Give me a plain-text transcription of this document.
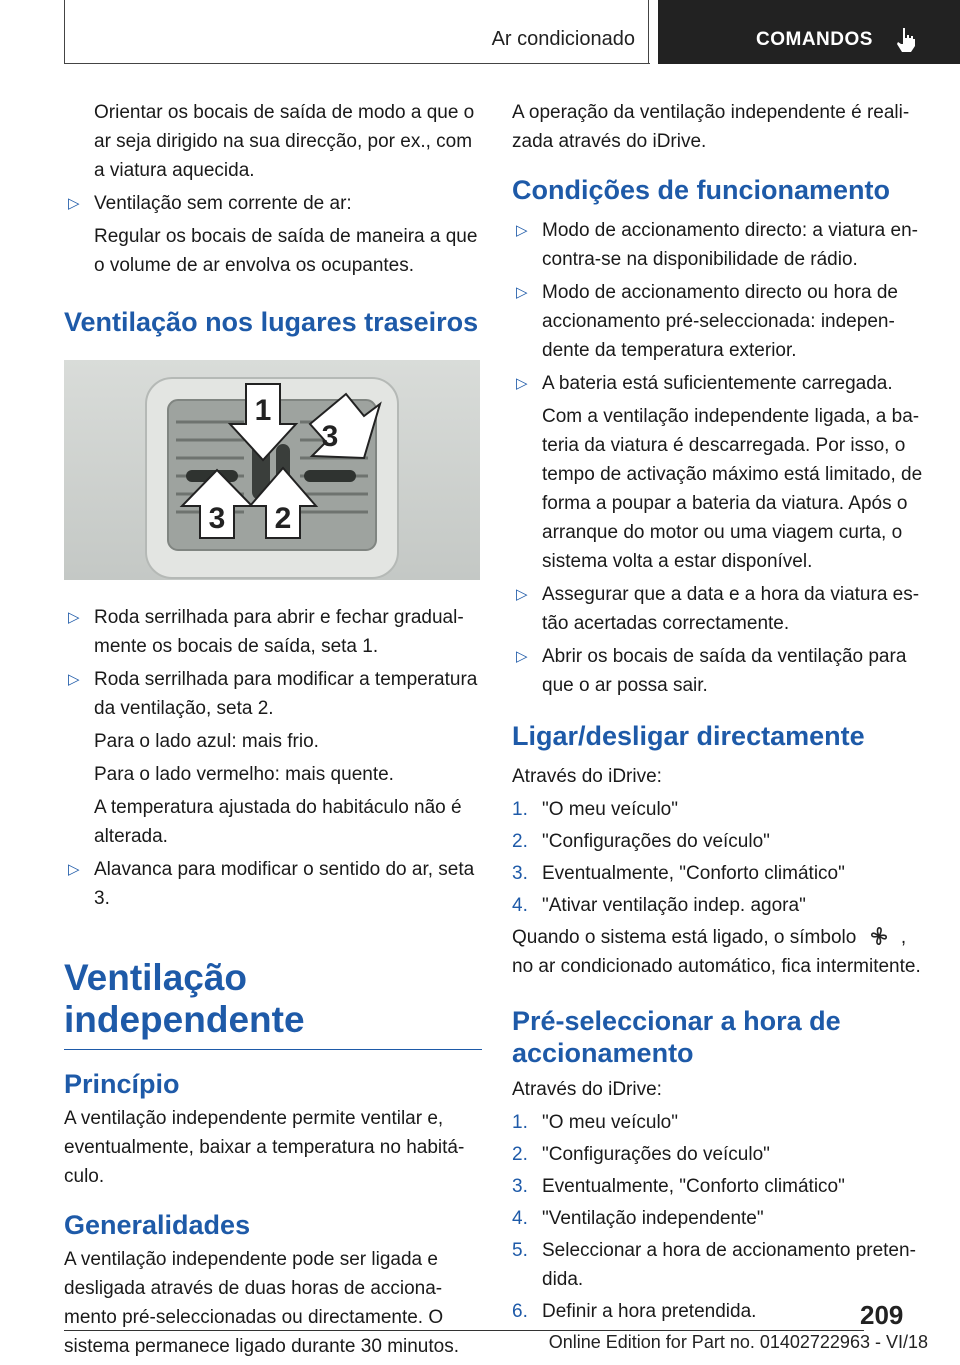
Ar condicionado	COMANDOS

Orientar os bocais de saída de modo a que o ar seja dirigido na sua direcção, por ex., com a viatura aquecida.

▷ Ventilação sem corrente de ar:

Regular os bocais de saída de maneira a que o volume de ar envolva os ocupantes.

Ventilação nos lugares traseiros
1
3
3 2
▷ Roda serrilhada para abrir e fechar gradual-mente os bocais de saída, seta 1.
▷ Roda serrilhada para modificar a temperatura da ventilação, seta 2.

Para o lado azul: mais frio.

Para o lado vermelho: mais quente.

A temperatura ajustada do habitáculo não é alterada.

▷ Alavanca para modificar o sentido do ar, seta 3.
Ventilação independente
Princípio

A ventilação independente permite ventilar e, eventualmente, baixar a temperatura no habitá-culo.

Generalidades

A ventilação independente pode ser ligada e desligada através de duas horas de acciona-mento pré-seleccionadas ou directamente. O sistema permanece ligado durante 30 minutos.

A operação da ventilação independente é reali-zada através do iDrive.

Condições de funcionamento
▷ Modo de accionamento directo: a viatura en-contra-se na disponibilidade de rádio.
▷ Modo de accionamento directo ou hora de accionamento pré-seleccionada: indepen-dente da temperatura exterior.
▷ A bateria está suficientemente carregada.

Com a ventilação independente ligada, a ba-teria da viatura é descarregada. Por isso, o tempo de activação máximo está limitado, de forma a poupar a bateria da viatura. Após o arranque do motor ou uma viagem curta, o sistema volta a estar disponível.

▷ Assegurar que a data e a hora da viatura es-tão acertadas correctamente.
▷ Abrir os bocais de saída da ventilação para que o ar possa sair.
Ligar/desligar directamente

Através do iDrive:

1. "O meu veículo"
2. "Configurações do veículo"
3. Eventualmente, "Conforto climático"
4. "Ativar ventilação indep. agora"

Quando o sistema está ligado, o símbolo , no ar condicionado automático, fica intermitente.

Pré-seleccionar a hora de accionamento

Através do iDrive:

1. "O meu veículo"
2. "Configurações do veículo"
3. Eventualmente, "Conforto climático"
4. "Ventilação independente"
5. Seleccionar a hora de accionamento preten-dida.
6. Definir a hora pretendida.	209
Online Edition for Part no. 01402722963 - VI/18
